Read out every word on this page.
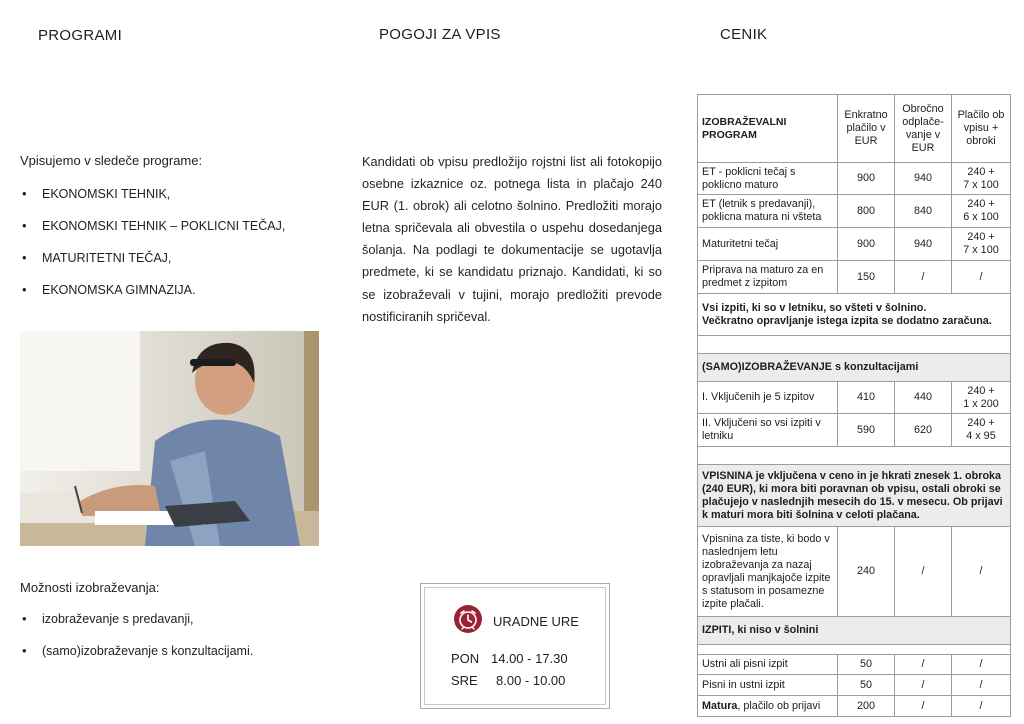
PROGRAMI	POGOJI ZA VPIS	CENIK
Vpisujemo v sledeče programe:
• EKONOMSKI TEHNIK,
• EKONOMSKI TEHNIK – POKLICNI TEČAJ,
• MATURITETNI TEČAJ,
• EKONOMSKA GIMNAZIJA.
Možnosti izobraževanja:
• izobraževanje s predavanji,
• (samo)izobraževanje s konzultacijami.
Kandidati ob vpisu predložijo rojstni list ali fotokopijo osebne izkaznice oz. potnega lista in plačajo 240 EUR (1. obrok) ali celotno šolnino. Predložiti morajo letna spričevala ali obvestila o uspehu dosedanjega šolanja. Na podlagi te dokumentacije se ugotavlja predmete, ki se kandidatu priznajo. Kandidati, ki so se izobraževali v tujini, morajo predložiti prevode nostificiranih spričeval.
URADNE URE
PON 14.00 - 17.30
SRE 8.00 - 10.00
IZOBRAŽEVALNI PROGRAM	Enkratno plačilo v EUR	Obročno odplače-vanje v EUR	Plačilo ob vpisu + obroki
ET - poklicni tečaj s poklicno maturo	900	940	240 +
7 x 100
ET (letnik s predavanji), poklicna matura ni všteta	800	840	240 +
6 x 100
Maturitetni tečaj	900	940	240 +
7 x 100
Priprava na maturo za en predmet z izpitom	150	/	/
Vsi izpiti, ki so v letniku, so všteti v šolnino.
Večkratno opravljanje istega izpita se dodatno zaračuna.			

(SAMO)IZOBRAŽEVANJE s konzultacijami			
I. Vključenih je 5 izpitov	410	440	240 +
1 x 200
II. Vključeni so vsi izpiti v letniku	590	620	240 +
4 x 95

VPISNINA je vključena v ceno in je hkrati znesek 1. obroka (240 EUR), ki mora biti poravnan ob vpisu, ostali obroki se plačujejo v naslednjih mesecih do 15. v mesecu. Ob prijavi k maturi mora biti šolnina v celoti plačana.			
Vpisnina za tiste, ki bodo v naslednjem letu izobraževanja za nazaj opravljali manjkajoče izpite s statusom in posamezne izpite plačali.	240	/	/
IZPITI, ki niso v šolnini			

Ustni ali pisni izpit	50	/	/
Pisni in ustni izpit	50	/	/
Matura, plačilo ob prijavi	200	/	/
